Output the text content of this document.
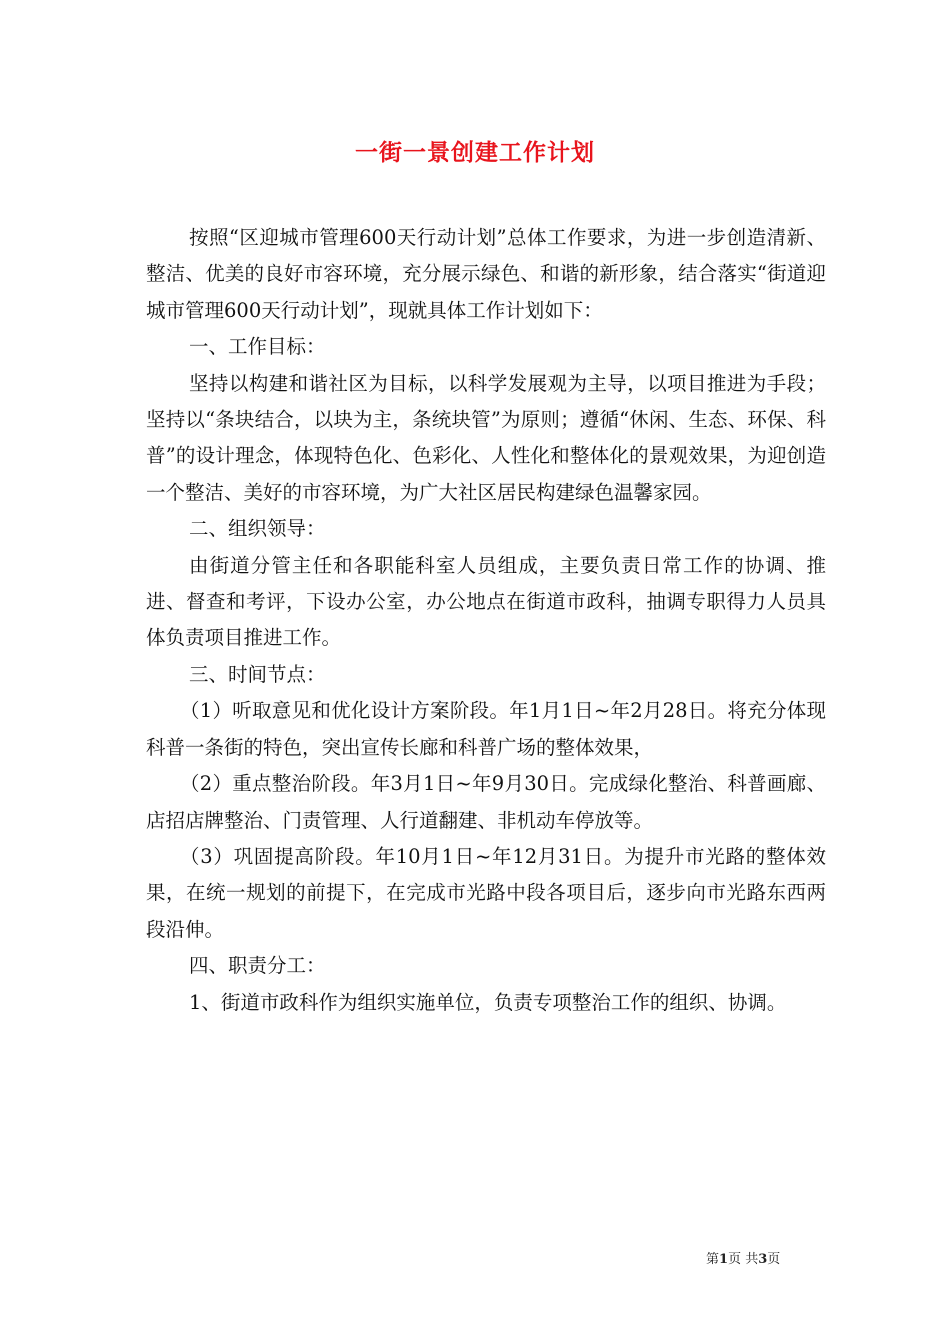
一街一景创建工作计划

按照“区迎城市管理600天行动计划”总体工作要求，为进一步创造清新、整洁、优美的良好市容环境，充分展示绿色、和谐的新形象，结合落实“街道迎城市管理600天行动计划”，现就具体工作计划如下：

一、工作目标：

坚持以构建和谐社区为目标，以科学发展观为主导，以项目推进为手段；坚持以“条块结合，以块为主，条统块管”为原则；遵循“休闲、生态、环保、科普”的设计理念，体现特色化、色彩化、人性化和整体化的景观效果，为迎创造一个整洁、美好的市容环境，为广大社区居民构建绿色温馨家园。

二、组织领导：

由街道分管主任和各职能科室人员组成，主要负责日常工作的协调、推进、督查和考评，下设办公室，办公地点在街道市政科，抽调专职得力人员具体负责项目推进工作。

三、时间节点：

（1）听取意见和优化设计方案阶段。年1月1日~年2月28日。将充分体现科普一条街的特色，突出宣传长廊和科普广场的整体效果，

（2）重点整治阶段。年3月1日~年9月30日。完成绿化整治、科普画廊、店招店牌整治、门责管理、人行道翻建、非机动车停放等。

（3）巩固提高阶段。年10月1日~年12月31日。为提升市光路的整体效果，在统一规划的前提下，在完成市光路中段各项目后，逐步向市光路东西两段沿伸。

四、职责分工：

1、街道市政科作为组织实施单位，负责专项整治工作的组织、协调。

第1页 共3页
